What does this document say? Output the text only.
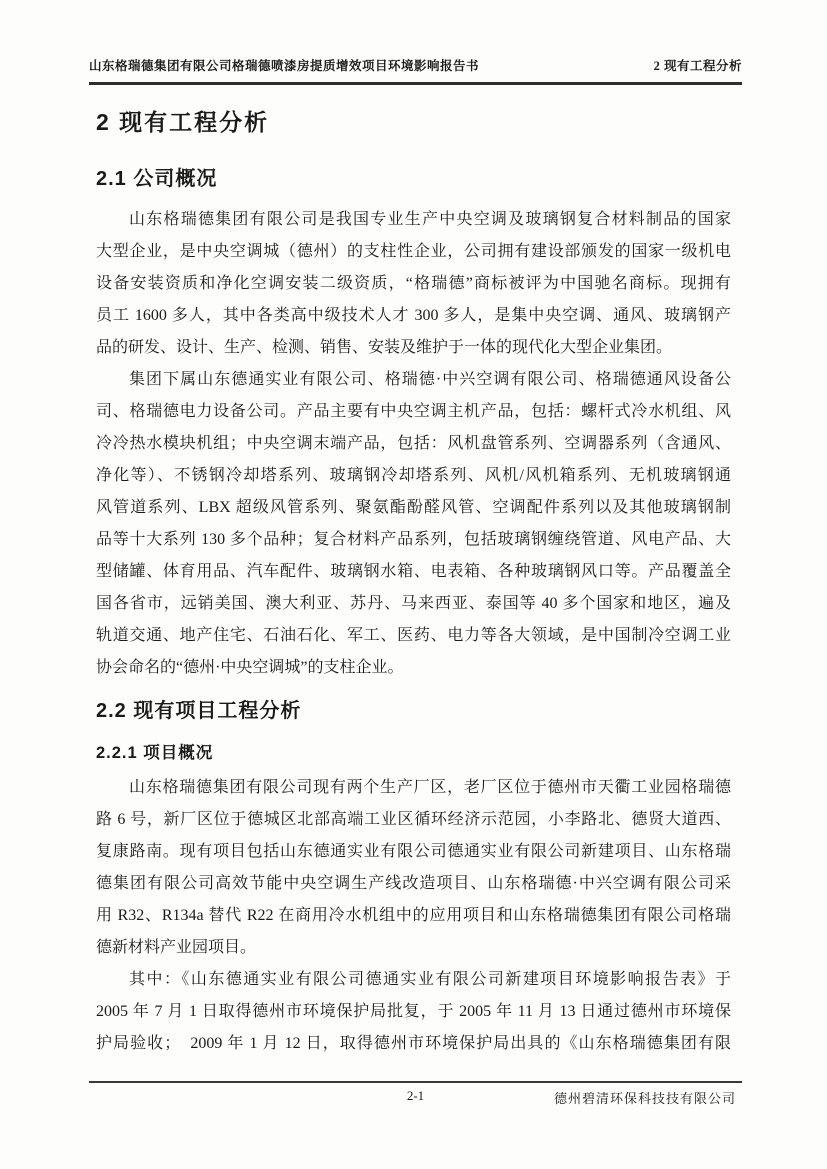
山东格瑞德集团有限公司格瑞德喷漆房提质增效项目环境影响报告书	2 现有工程分析
2 现有工程分析
2.1 公司概况
山东格瑞德集团有限公司是我国专业生产中央空调及玻璃钢复合材料制品的国家
大型企业，是中央空调城（德州）的支柱性企业，公司拥有建设部颁发的国家一级机电
设备安装资质和净化空调安装二级资质，“格瑞德”商标被评为中国驰名商标。现拥有
员工 1600 多人，其中各类高中级技术人才 300 多人，是集中央空调、通风、玻璃钢产
品的研发、设计、生产、检测、销售、安装及维护于一体的现代化大型企业集团。
集团下属山东德通实业有限公司、格瑞德·中兴空调有限公司、格瑞德通风设备公
司、格瑞德电力设备公司。产品主要有中央空调主机产品，包括：螺杆式冷水机组、风
冷冷热水模块机组；中央空调末端产品，包括：风机盘管系列、空调器系列（含通风、
净化等）、不锈钢冷却塔系列、玻璃钢冷却塔系列、风机/风机箱系列、无机玻璃钢通
风管道系列、LBX 超级风管系列、聚氨酯酚醛风管、空调配件系列以及其他玻璃钢制
品等十大系列 130 多个品种；复合材料产品系列，包括玻璃钢缠绕管道、风电产品、大
型储罐、体育用品、汽车配件、玻璃钢水箱、电表箱、各种玻璃钢风口等。产品覆盖全
国各省市，远销美国、澳大利亚、苏丹、马来西亚、泰国等 40 多个国家和地区，遍及
轨道交通、地产住宅、石油石化、军工、医药、电力等各大领域，是中国制冷空调工业
协会命名的“德州·中央空调城”的支柱企业。
2.2 现有项目工程分析
2.2.1 项目概况
山东格瑞德集团有限公司现有两个生产厂区，老厂区位于德州市天衢工业园格瑞德
路 6 号，新厂区位于德城区北部高端工业区循环经济示范园，小李路北、德贤大道西、
复康路南。现有项目包括山东德通实业有限公司德通实业有限公司新建项目、山东格瑞
德集团有限公司高效节能中央空调生产线改造项目、山东格瑞德·中兴空调有限公司采
用 R32、R134a 替代 R22 在商用冷水机组中的应用项目和山东格瑞德集团有限公司格瑞
德新材料产业园项目。
其中：《山东德通实业有限公司德通实业有限公司新建项目环境影响报告表》于
2005 年 7 月 1 日取得德州市环境保护局批复，于 2005 年 11 月 13 日通过德州市环境保
护局验收；　2009 年 1 月 12 日，取得德州市环境保护局出具的《山东格瑞德集团有限
2-1	德州碧清环保科技技有限公司
